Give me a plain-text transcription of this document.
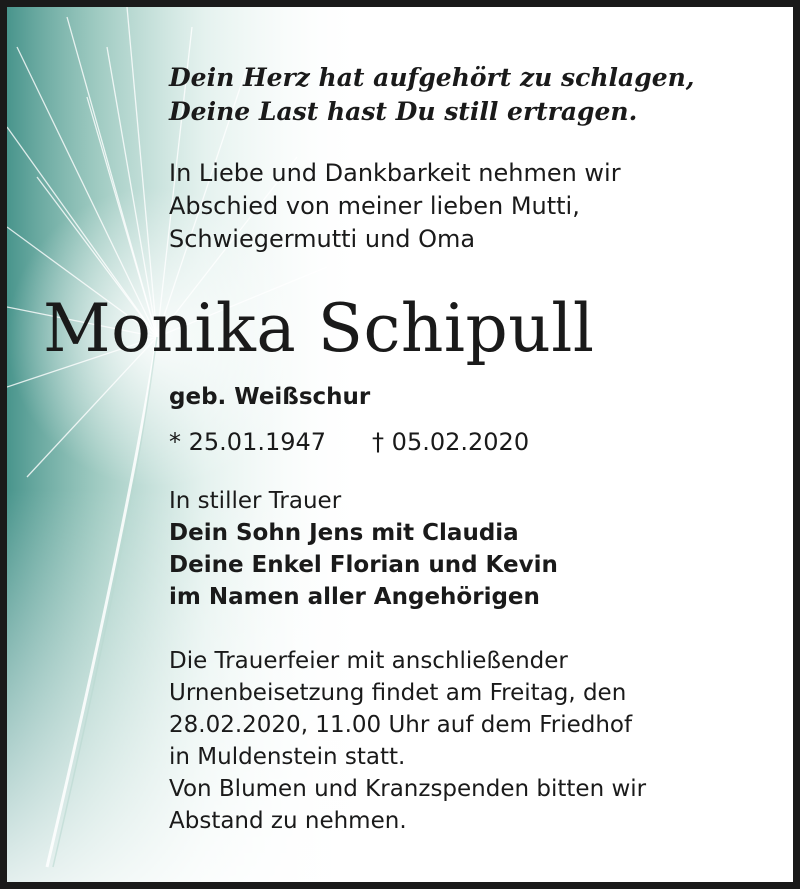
Dein Herz hat aufgehört zu schlagen,
Deine Last hast Du still ertragen.
In Liebe und Dankbarkeit nehmen wir
Abschied von meiner lieben Mutti,
Schwiegermutti und Oma
Monika Schipull
geb. Weißschur
* 25.01.1947 † 05.02.2020
In stiller Trauer
Dein Sohn Jens mit Claudia
Deine Enkel Florian und Kevin
im Namen aller Angehörigen
Die Trauerfeier mit anschließender
Urnenbeisetzung findet am Freitag, den
28.02.2020, 11.00 Uhr auf dem Friedhof
in Muldenstein statt.
Von Blumen und Kranzspenden bitten wir
Abstand zu nehmen.
